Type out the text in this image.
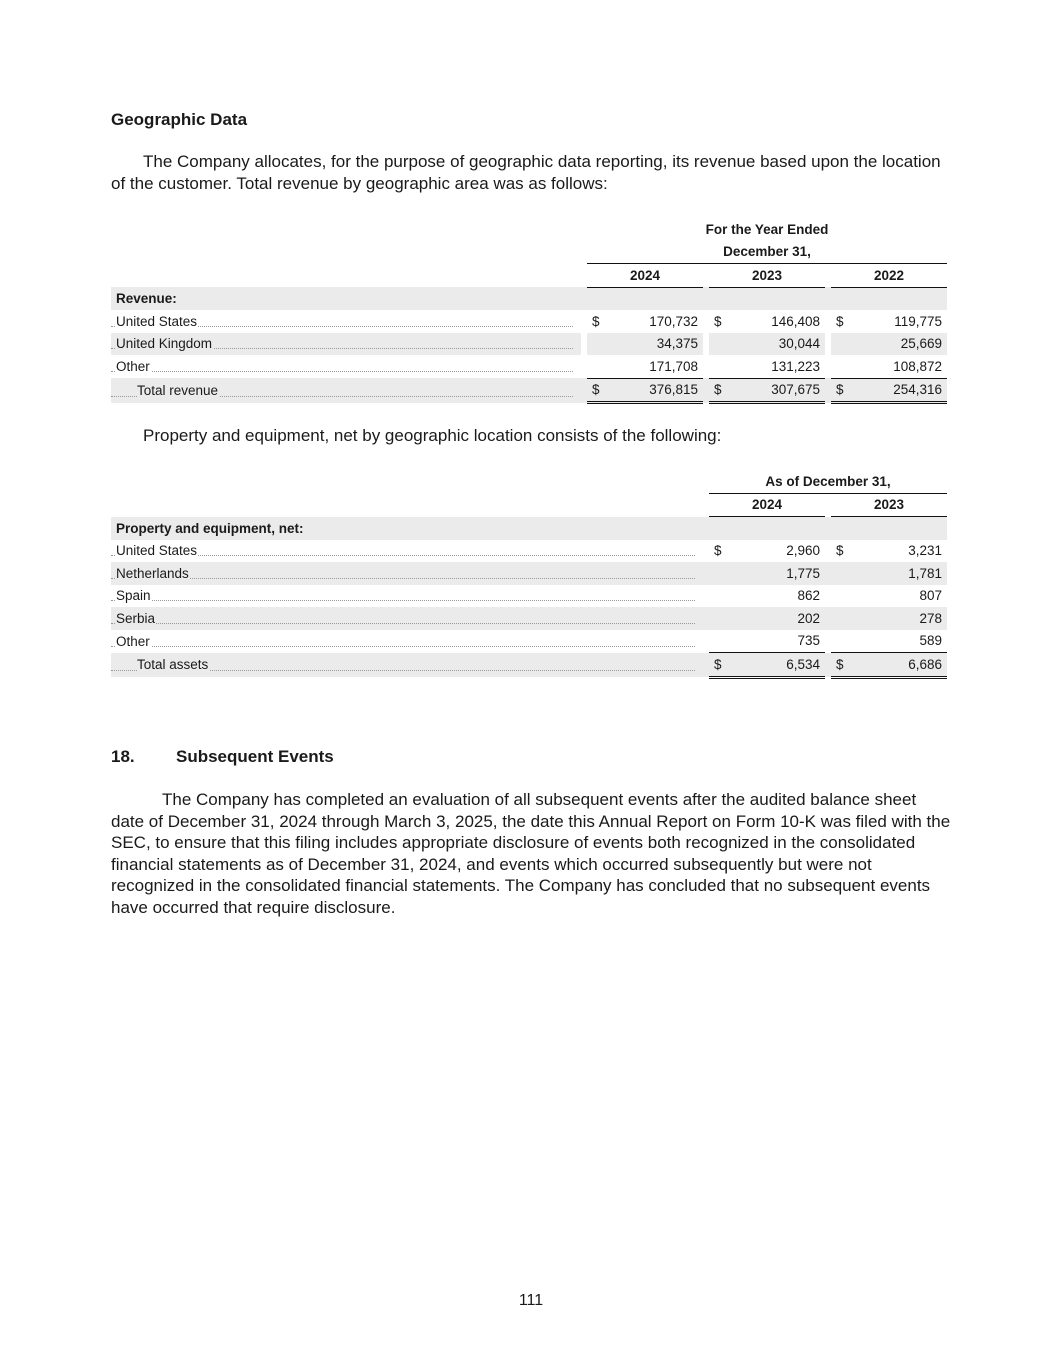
Geographic Data

The Company allocates, for the purpose of geographic data reporting, its revenue based upon the location of the customer. Total revenue by geographic area was as follows:

		For the Year Ended							
		December 31,							
		2024			2023			2022	
Revenue:									

United States		$	170,732		$	146,408		$	119,775

United Kingdom			34,375			30,044			25,669

Other			171,708			131,223			108,872

Total revenue		$	376,815		$	307,675		$	254,316

Property and equipment, net by geographic location consists of the following:

		As of December 31,				
		2024			2023	
Property and equipment, net:						

United States		$	2,960		$	3,231

Netherlands			1,775			1,781

Spain			862			807

Serbia			202			278

Other			735			589

Total assets		$	6,534		$	6,686
18. Subsequent Events

The Company has completed an evaluation of all subsequent events after the audited balance sheet date of December 31, 2024 through March 3, 2025, the date this Annual Report on Form 10-K was filed with the SEC, to ensure that this filing includes appropriate disclosure of events both recognized in the consolidated financial statements as of December 31, 2024, and events which occurred subsequently but were not recognized in the consolidated financial statements. The Company has concluded that no subsequent events have occurred that require disclosure.

111
